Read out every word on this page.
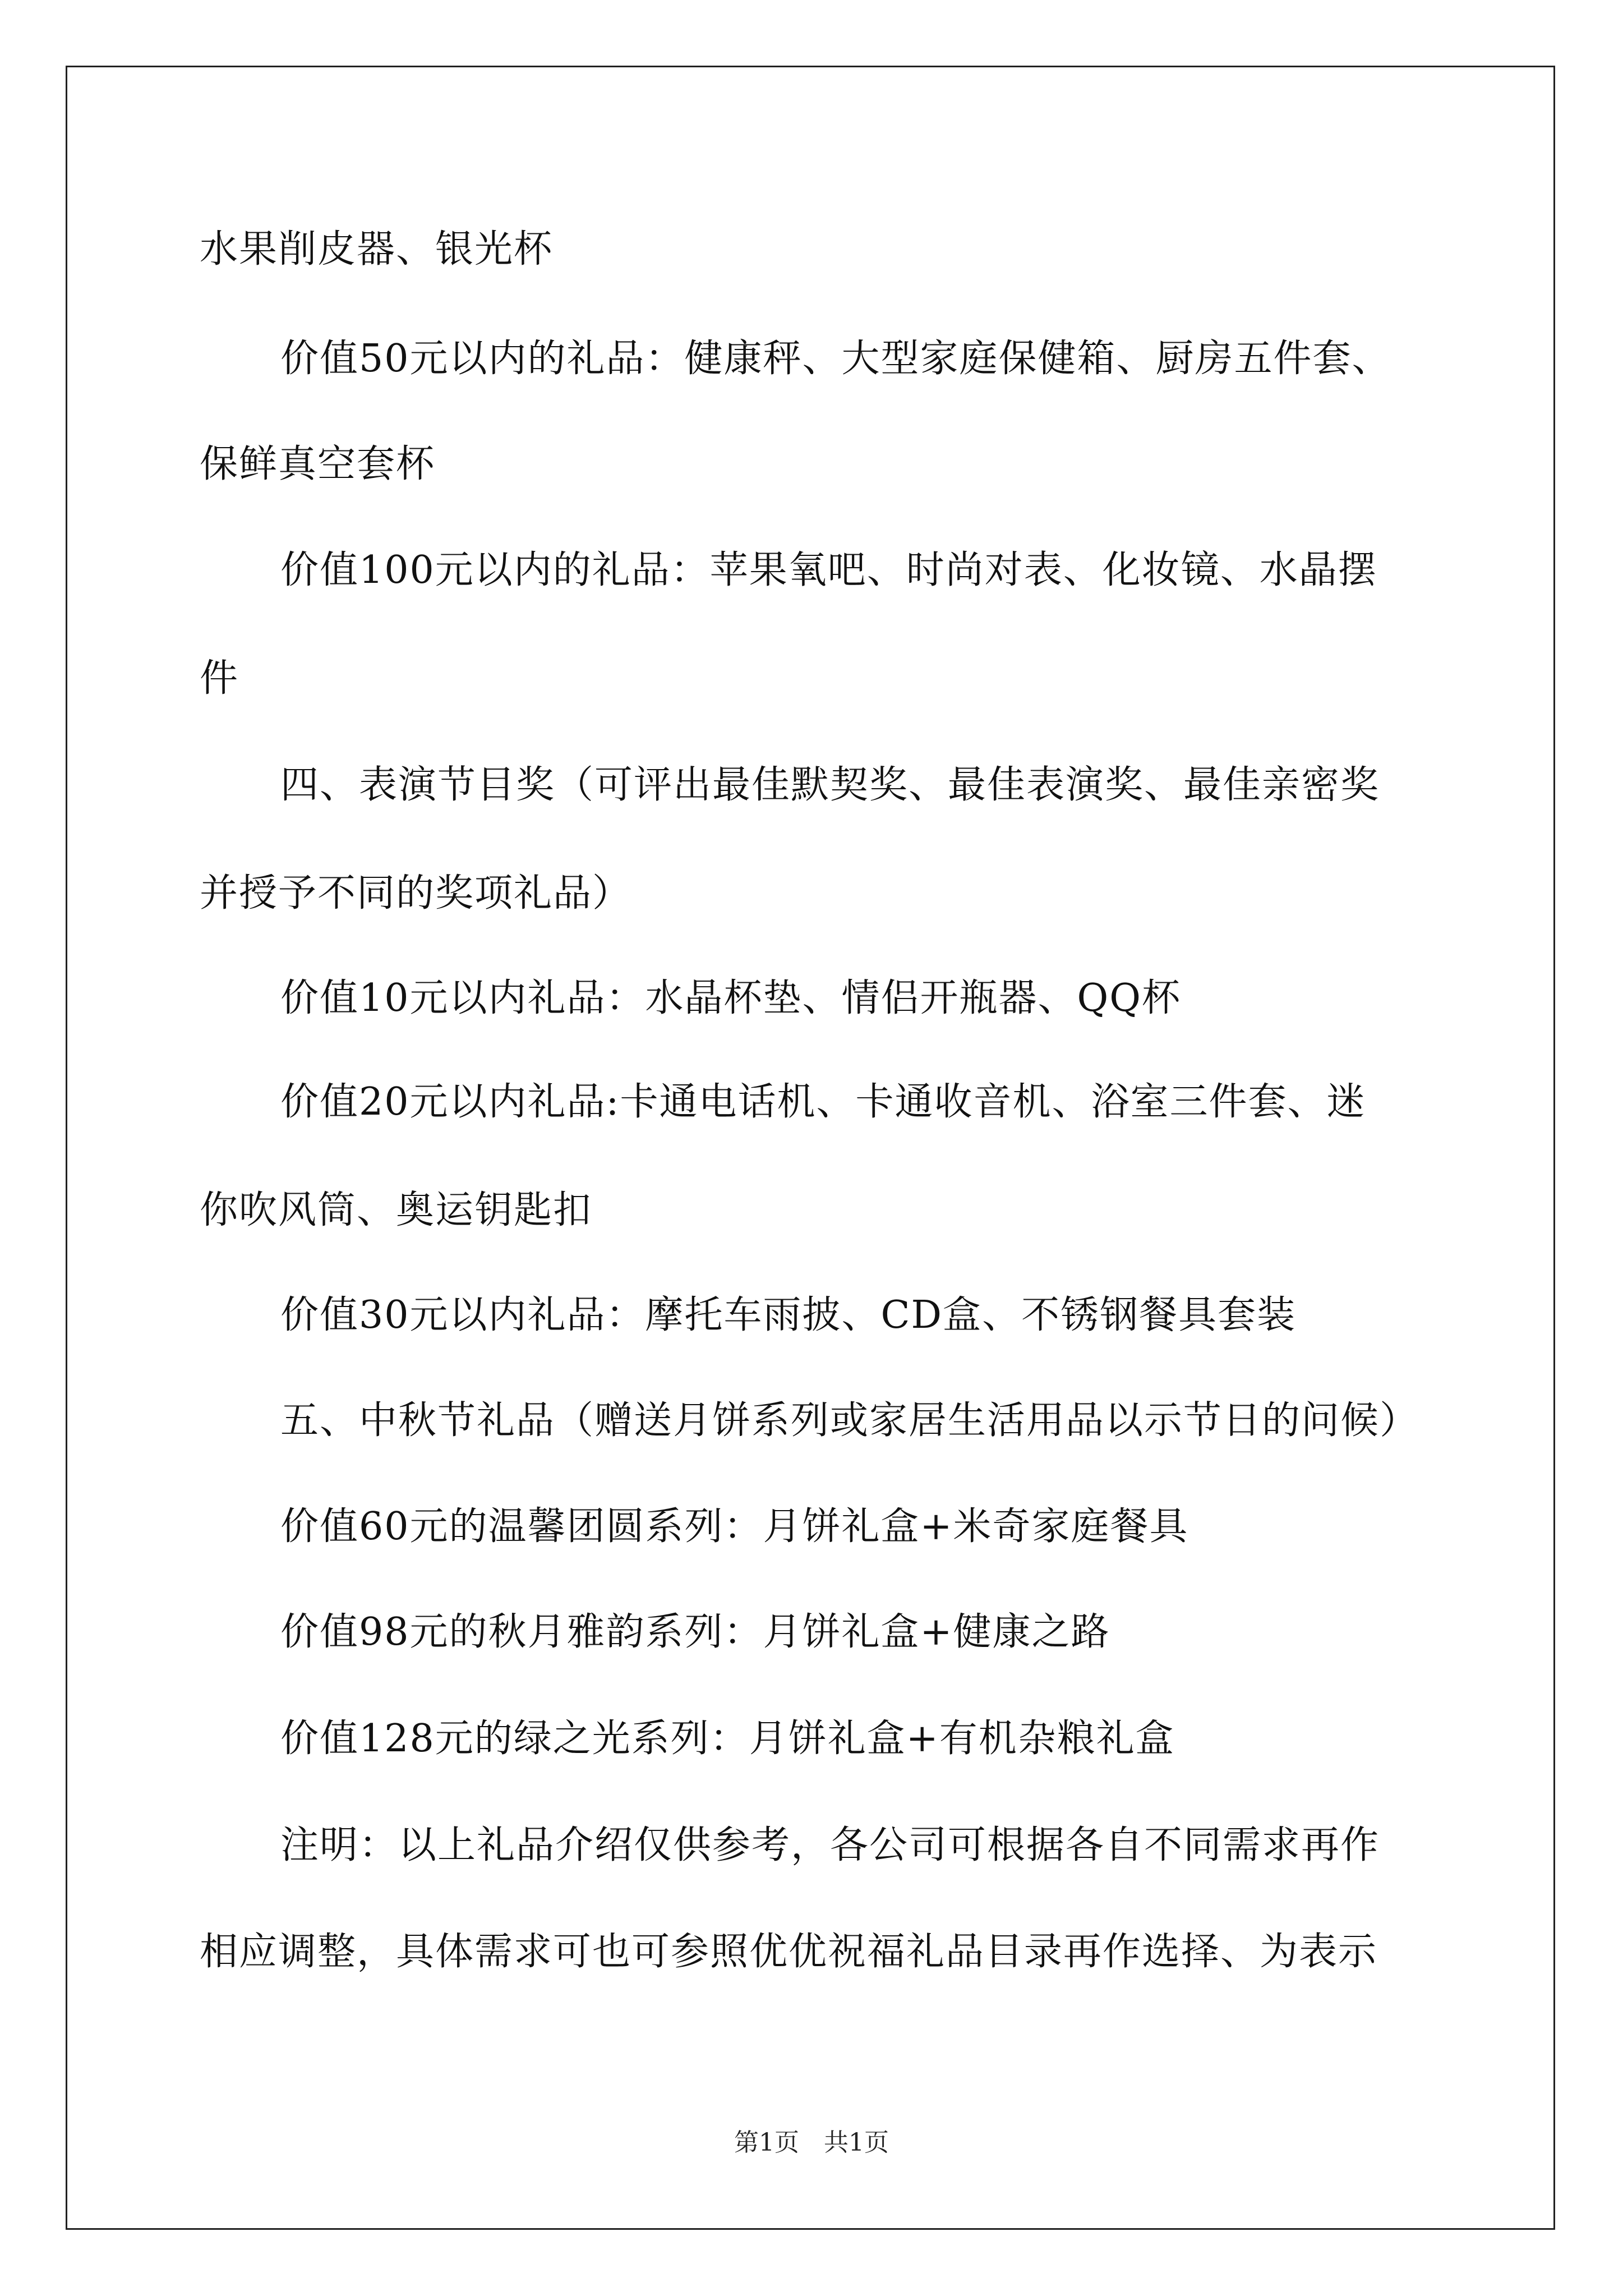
水果削皮器、银光杯
价值50元以内的礼品：健康秤、大型家庭保健箱、厨房五件套、
保鲜真空套杯
价值100元以内的礼品：苹果氧吧、时尚对表、化妆镜、水晶摆
件
四、表演节目奖（可评出最佳默契奖、最佳表演奖、最佳亲密奖
并授予不同的奖项礼品）
价值10元以内礼品：水晶杯垫、情侣开瓶器、QQ杯
价值20元以内礼品:卡通电话机、卡通收音机、浴室三件套、迷
你吹风筒、奥运钥匙扣
价值30元以内礼品：摩托车雨披、CD盒、不锈钢餐具套装
五、中秋节礼品（赠送月饼系列或家居生活用品以示节日的问候）
价值60元的温馨团圆系列：月饼礼盒+米奇家庭餐具
价值98元的秋月雅韵系列：月饼礼盒+健康之路
价值128元的绿之光系列：月饼礼盒+有机杂粮礼盒
注明：以上礼品介绍仅供参考，各公司可根据各自不同需求再作
相应调整，具体需求可也可参照优优祝福礼品目录再作选择、为表示
第1页　共1页
